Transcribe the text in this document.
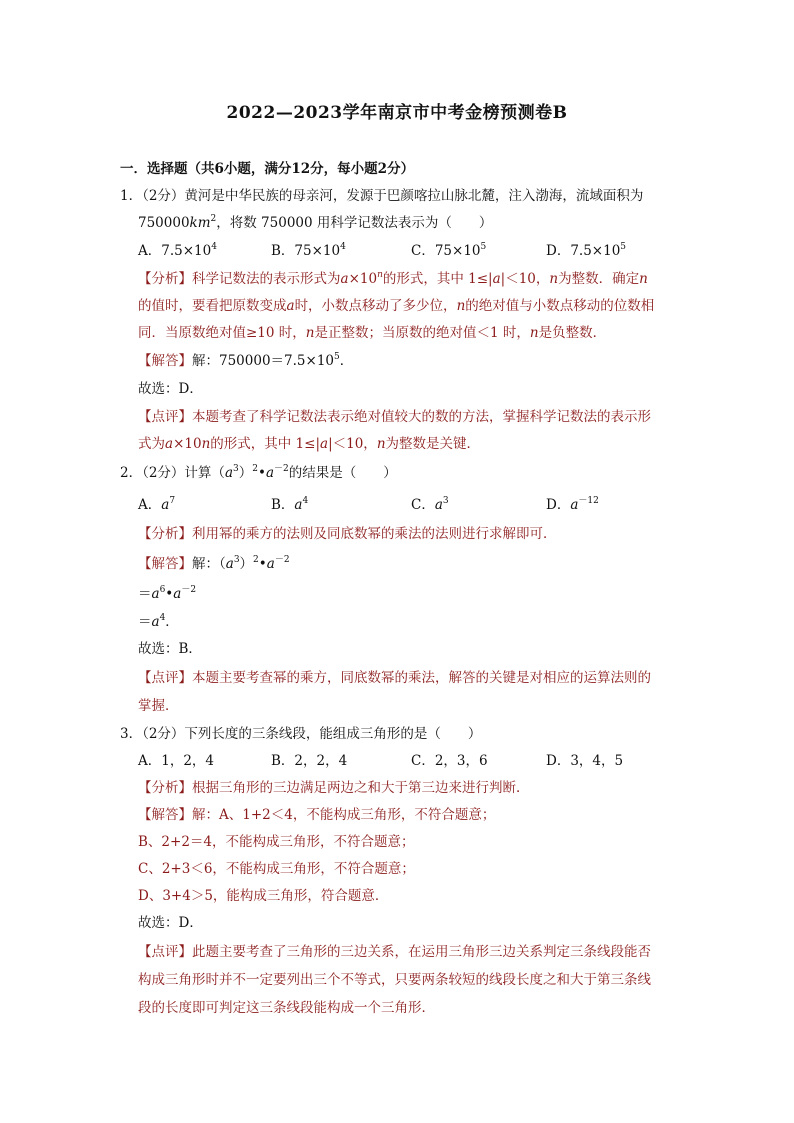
2022—2023学年南京市中考金榜预测卷B
一．选择题（共6小题，满分12分，每小题2分）
1．（2分）黄河是中华民族的母亲河，发源于巴颜喀拉山脉北麓，注入渤海，流域面积为
$750000km^2$，将数 750000 用科学记数法表示为（　　）
A．$7.5\times 10^4$	B．$75\times 10^4$	C．$75\times 10^5$	D．$7.5\times 10^5$
【分析】科学记数法的表示形式为$a\times 10^n$的形式，其中 1≤|a|＜10，n为整数．确定n
的值时，要看把原数变成a时，小数点移动了多少位，n的绝对值与小数点移动的位数相
同．当原数绝对值≥10 时，n是正整数；当原数的绝对值＜1 时，n是负整数．
【解答】解：$750000=7.5\times 10^5$．
故选：D．
【点评】本题考查了科学记数法表示绝对值较大的数的方法，掌握科学记数法的表示形
式为a×10n的形式，其中 1≤|a|＜10，n为整数是关键．
2．（2分）计算$(a^3)^2•a^{-2}$的结果是（　　）
A．$a^7$	B．$a^4$	C．$a^3$	D．$a^{-12}$
【分析】利用幂的乘方的法则及同底数幂的乘法的法则进行求解即可．
【解答】解：$(a^3)^2•a^{-2}$
$=a^6•a^{-2}$
$=a^4$．
故选：B．
【点评】本题主要考查幂的乘方，同底数幂的乘法，解答的关键是对相应的运算法则的
掌握．
3．（2分）下列长度的三条线段，能组成三角形的是（　　）
A．1，2，4	B．2，2，4	C．2，3，6	D．3，4，5
【分析】根据三角形的三边满足两边之和大于第三边来进行判断．
【解答】解：A、1+2＜4，不能构成三角形，不符合题意；
B、2+2＝4，不能构成三角形，不符合题意；
C、2+3＜6，不能构成三角形，不符合题意；
D、3+4＞5，能构成三角形，符合题意．
故选：D．
【点评】此题主要考查了三角形的三边关系，在运用三角形三边关系判定三条线段能否
构成三角形时并不一定要列出三个不等式，只要两条较短的线段长度之和大于第三条线
段的长度即可判定这三条线段能构成一个三角形．
